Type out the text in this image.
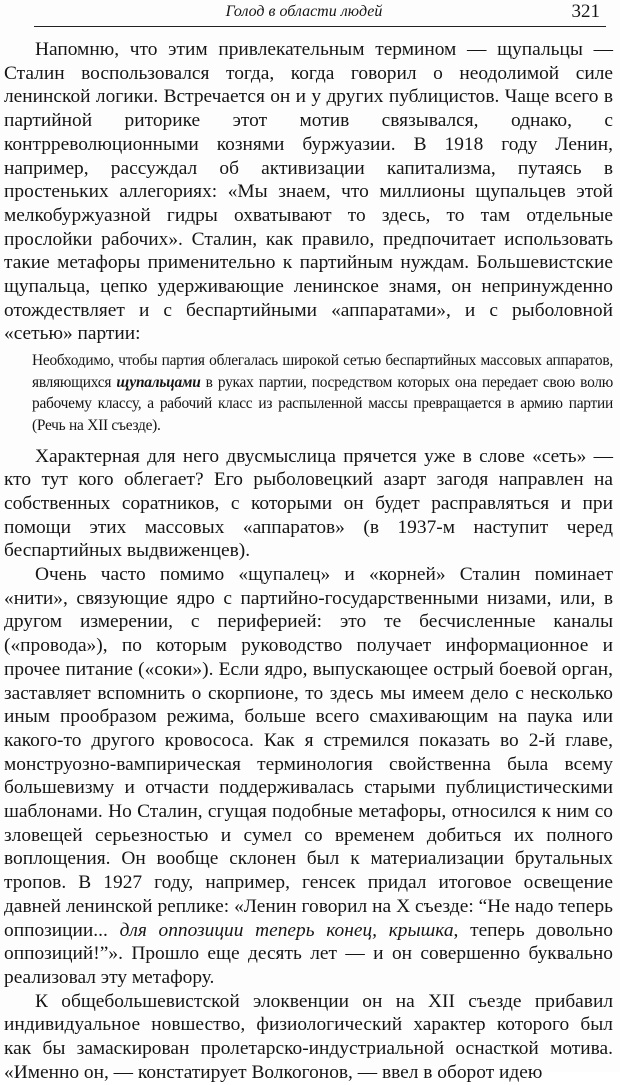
Голод в области людей	321

Напомню, что этим привлекательным термином — щупальцы — Сталин воспользовался тогда, когда говорил о неодолимой силе ленинской логики. Встречается он и у других публицистов. Чаще всего в партийной риторике этот мотив связывался, однако, с контрреволюционными кознями буржуазии. В 1918 году Ленин, например, рассуждал об активизации капитализма, путаясь в простеньких аллегориях: «Мы знаем, что миллионы щупальцев этой мелкобуржуазной гидры охватывают то здесь, то там отдельные прослойки рабочих». Сталин, как правило, предпочитает использовать такие метафоры применительно к партийным нуждам. Большевистские щупальца, цепко удерживающие ленинское знамя, он непринужденно отождествляет и с беспартийными «аппаратами», и с рыболовной «сетью» партии:

Необходимо, чтобы партия облегалась широкой сетью беспартийных массовых аппаратов, являющихся щупальцами в руках партии, посредством которых она передает свою волю рабочему классу, а рабочий класс из распыленной массы превращается в армию партии (Речь на XII съезде).

Характерная для него двусмыслица прячется уже в слове «сеть» — кто тут кого облегает? Его рыболовецкий азарт загодя направлен на собственных соратников, с которыми он будет расправляться и при помощи этих массовых «аппаратов» (в 1937-м наступит черед беспартийных выдвиженцев).

Очень часто помимо «щупалец» и «корней» Сталин поминает «нити», связующие ядро с партийно-государственными низами, или, в другом измерении, с периферией: это те бесчисленные каналы («провода»), по которым руководство получает информационное и прочее питание («соки»). Если ядро, выпускающее острый боевой орган, заставляет вспомнить о скорпионе, то здесь мы имеем дело с несколько иным прообразом режима, больше всего смахивающим на паука или какого-то другого кровососа. Как я стремился показать во 2-й главе, монструозно-вампирическая терминология свойственна была всему большевизму и отчасти поддерживалась старыми публицистическими шаблонами. Но Сталин, сгущая подобные метафоры, относился к ним со зловещей серьезностью и сумел со временем добиться их полного воплощения. Он вообще склонен был к материализации брутальных тропов. В 1927 году, например, генсек придал итоговое освещение давней ленинской реплике: «Ленин говорил на X съезде: “Не надо теперь оппозиции... для оппозиции теперь конец, крышка, теперь довольно оппозиций!”». Прошло еще десять лет — и он совершенно буквально реализовал эту метафору.

К общебольшевистской элоквенции он на XII съезде прибавил индивидуальное новшество, физиологический характер которого был как бы замаскирован пролетарско-индустриальной оснасткой мотива. «Именно он, — констатирует Волкогонов, — ввел в оборот идею
